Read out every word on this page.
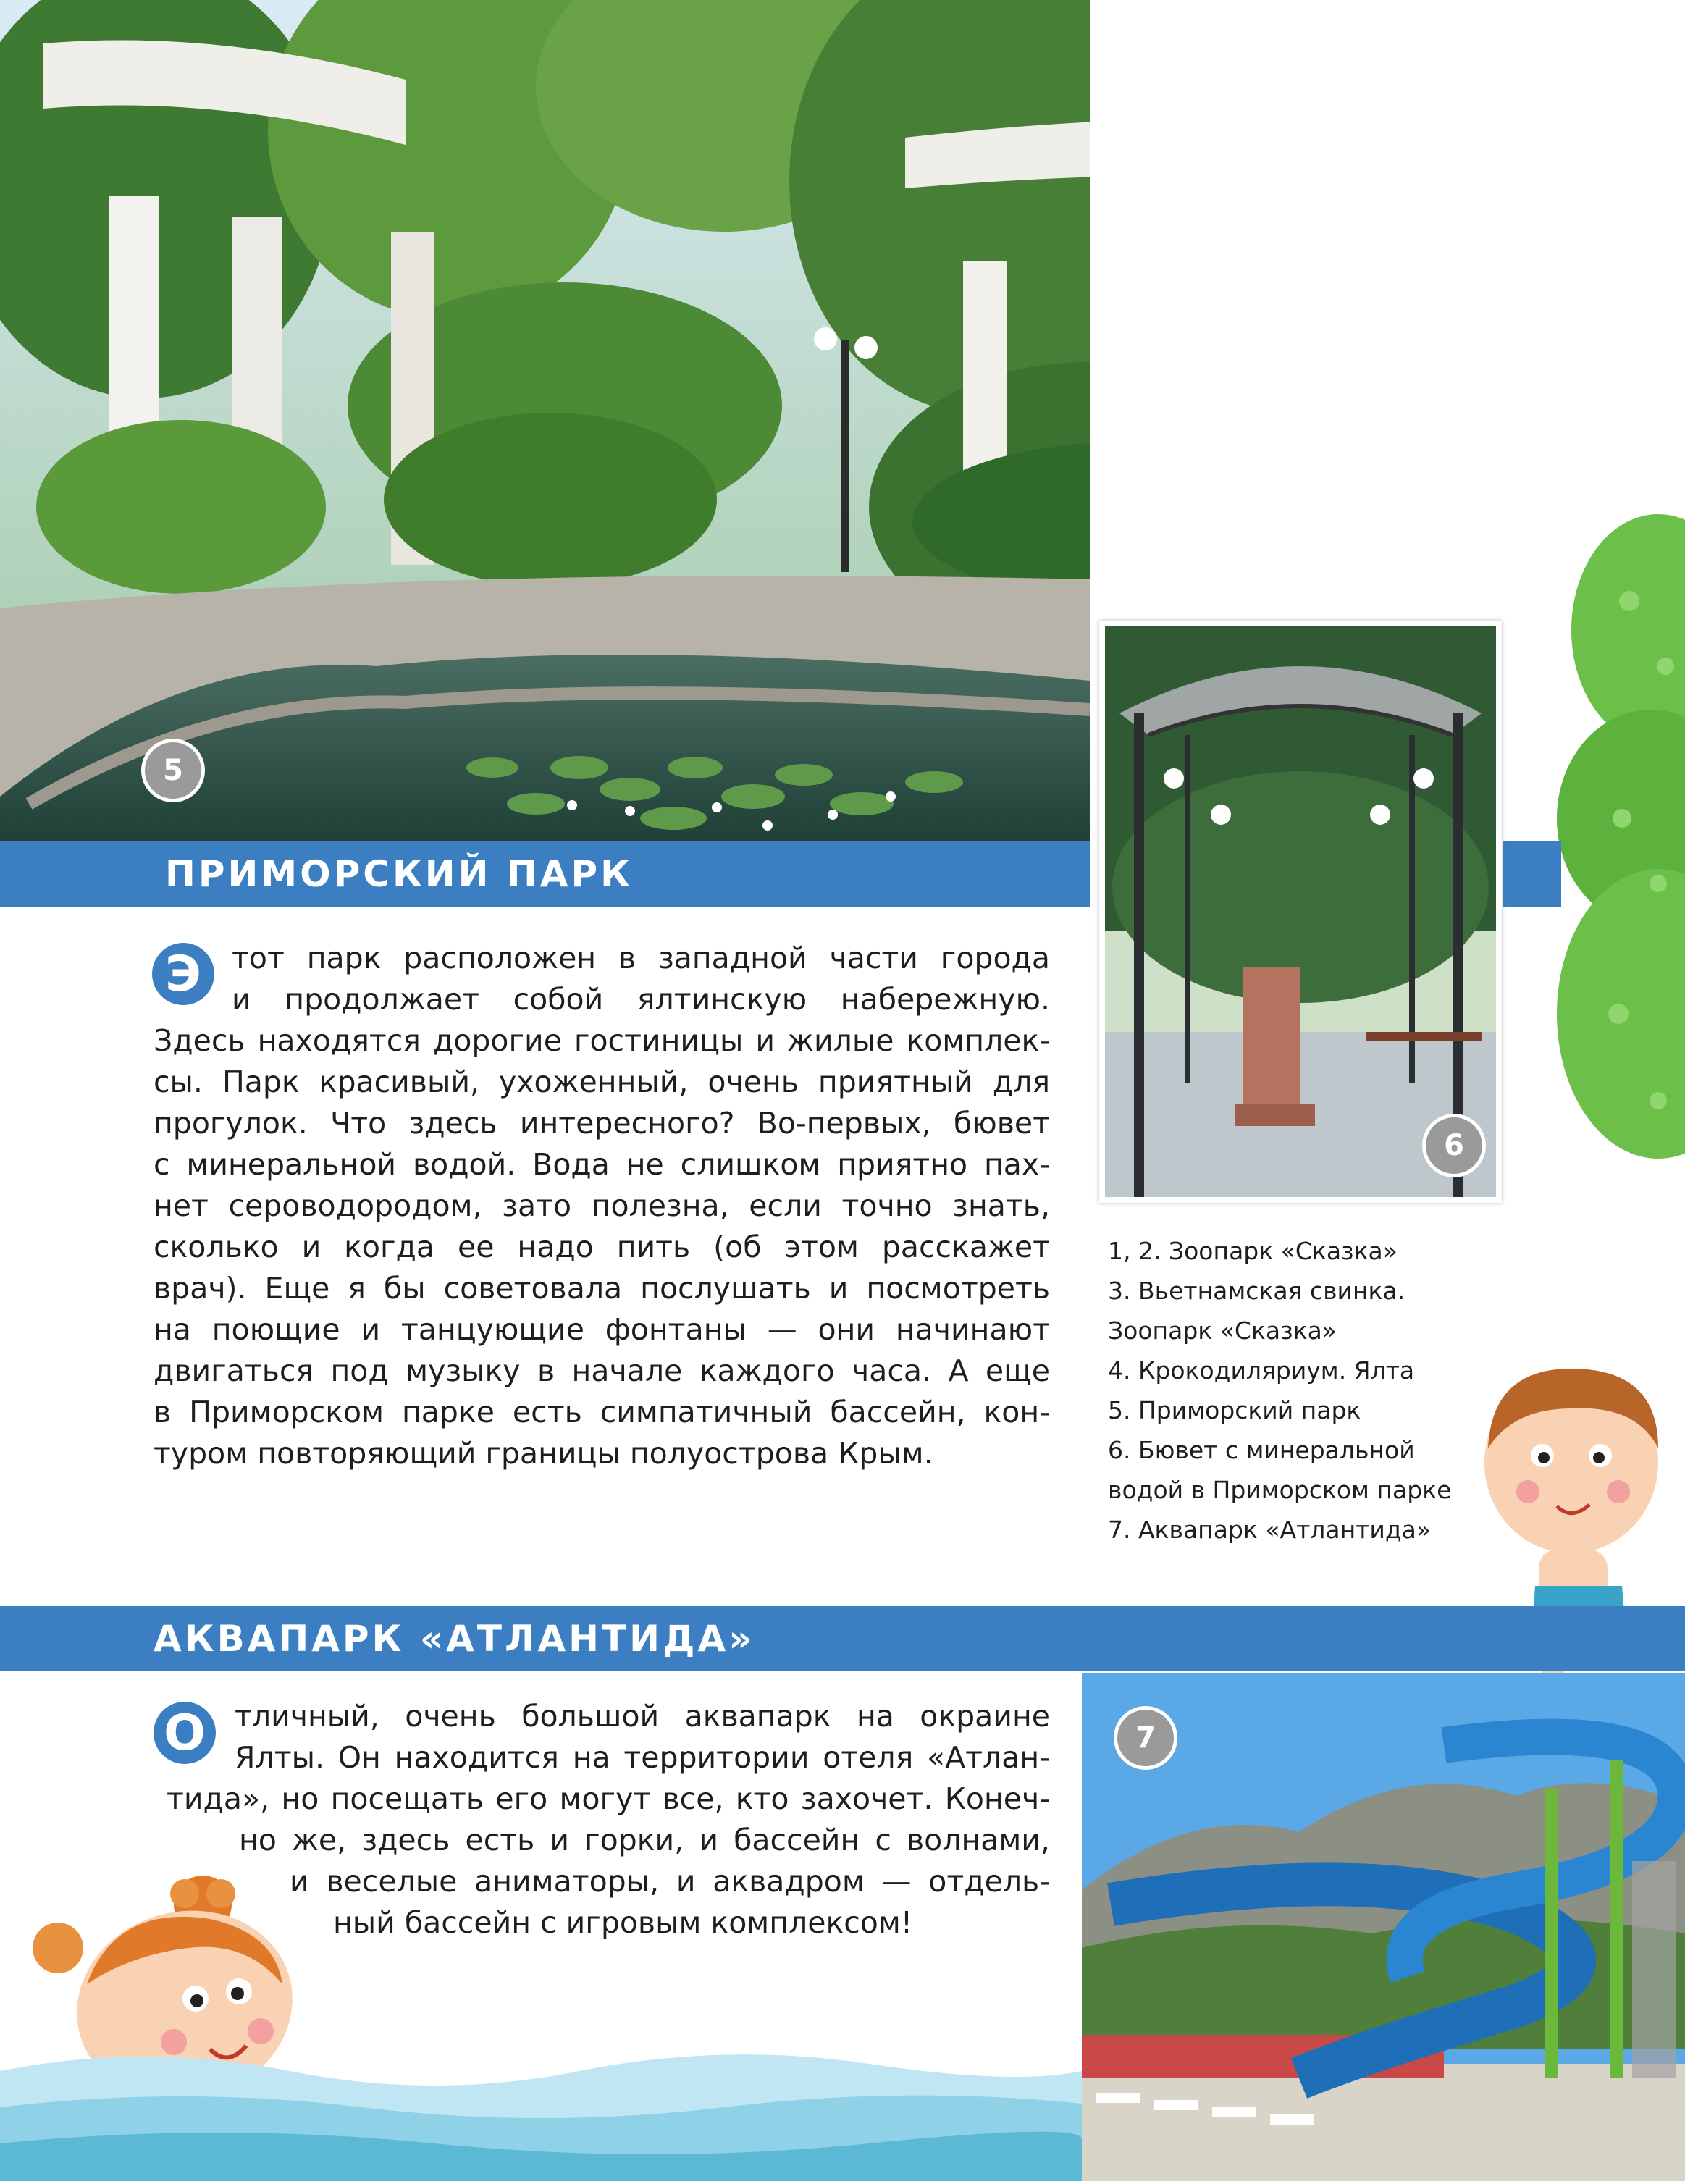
5
6
ПРИМОРСКИЙ ПАРК
Э	тот парк расположен в западной части города
и продолжает собой ялтинскую набережную.
Здесь находятся дорогие гостиницы и жилые комплек-
сы. Парк красивый, ухоженный, очень приятный для
прогулок. Что здесь интересного? Во-первых, бювет
с минеральной водой. Вода не слишком приятно пах-
нет сероводородом, зато полезна, если точно знать,
сколько и когда ее надо пить (об этом расскажет
врач). Еще я бы советовала послушать и посмотреть
на поющие и танцующие фонтаны — они начинают
двигаться под музыку в начале каждого часа. А еще
в Приморском парке есть симпатичный бассейн, кон-
туром повторяющий границы полуострова Крым.
1, 2. Зоопарк «Сказка»
3. Вьетнамская свинка.
Зоопарк «Сказка»
4. Крокодиляриум. Ялта
5. Приморский парк
6. Бювет с минеральной
водой в Приморском парке
7. Аквапарк «Атлантида»
АКВАПАРК «АТЛАНТИДА»
О тличный, очень большой аквапарк на окраине
Ялты. Он находится на территории отеля «Атлан-
тида», но посещать его могут все, кто захочет. Конеч-
но же, здесь есть и горки, и бассейн с волнами,
и веселые аниматоры, и аквадром — отдель-
ный бассейн с игровым комплексом!
7
